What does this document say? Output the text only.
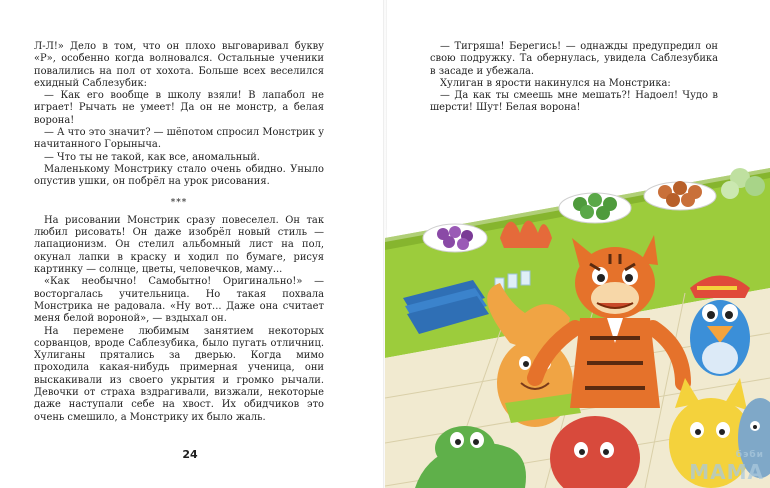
Л-Л!» Дело в том, что он плохо выговаривал букву «Р», особенно когда волновался. Остальные ученики повалились на пол от хохота. Больше всех веселился ехидный Саблезубик:

— Как его вообще в школу взяли! В лапабол не играет! Рычать не умеет! Да он не монстр, а белая ворона!

— А что это значит? — шёпотом спросил Монстрик у начитанного Горыныча.

— Что ты не такой, как все, аномальный.

Маленькому Монстрику стало очень обидно. Уныло опустив ушки, он побрёл на урок рисования.

***

На рисовании Монстрик сразу повеселел. Он так любил рисовать! Он даже изобрёл новый стиль — лапационизм. Он стелил альбомный лист на пол, окунал лапки в краску и ходил по бумаге, рисуя картинку — солнце, цветы, человечков, маму...

«Как необычно! Самобытно! Оригинально!» — восторгалась учительница. Но такая похвала Монстрика не радовала. «Ну вот... Даже она считает меня белой вороной», — вздыхал он.

На перемене любимым занятием некоторых сорванцов, вроде Саблезубика, было пугать отличниц. Хулиганы прятались за дверью. Когда мимо проходила какая-нибудь примерная ученица, они выскакивали из своего укрытия и громко рычали. Девочки от страха вздрагивали, визжали, некоторые даже наступали себе на хвост. Их обидчиков это очень смешило, а Монстрику их было жаль.

24

— Тигряша! Берегись! — однажды предупредил он свою подружку. Та обернулась, увидела Саблезубика в засаде и убежала.

Хулиган в ярости накинулся на Монстрика:

— Да как ты смеешь мне мешать?! Надоел! Чудо в шерсти! Шут! Белая ворона!

бэби
МАМА
